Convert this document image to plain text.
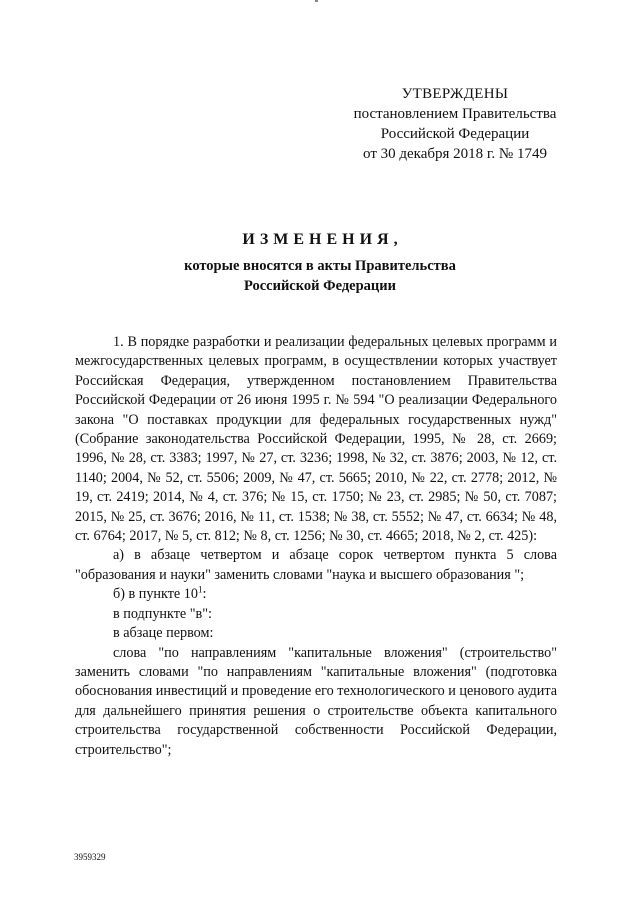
УТВЕРЖДЕНЫ
постановлением Правительства
Российской Федерации
от 30 декабря 2018 г. № 1749
ИЗМЕНЕНИЯ,
которые вносятся в акты Правительства
Российской Федерации

1. В порядке разработки и реализации федеральных целевых программ и межгосударственных целевых программ, в осуществлении которых участвует Российская Федерация, утвержденном постановлением Правительства Российской Федерации от 26 июня 1995 г. № 594 "О реализации Федерального закона "О поставках продукции для федеральных государственных нужд" (Собрание законодательства Российской Федерации, 1995, № 28, ст. 2669; 1996, № 28, ст. 3383; 1997, № 27, ст. 3236; 1998, № 32, ст. 3876; 2003, № 12, ст. 1140; 2004, № 52, ст. 5506; 2009, № 47, ст. 5665; 2010, № 22, ст. 2778; 2012, № 19, ст. 2419; 2014, № 4, ст. 376; № 15, ст. 1750; № 23, ст. 2985; № 50, ст. 7087; 2015, № 25, ст. 3676; 2016, № 11, ст. 1538; № 38, ст. 5552; № 47, ст. 6634; № 48, ст. 6764; 2017, № 5, ст. 812; № 8, ст. 1256; № 30, ст. 4665; 2018, № 2, ст. 425):

а) в абзаце четвертом и абзаце сорок четвертом пункта 5 слова "образования и науки" заменить словами "наука и высшего образования ";

б) в пункте $10^1$:

в подпункте "в":

в абзаце первом:

слова "по направлениям "капитальные вложения" (строительство" заменить словами "по направлениям "капитальные вложения" (подготовка обоснования инвестиций и проведение его технологического и ценового аудита для дальнейшего принятия решения о строительстве объекта капитального строительства государственной собственности Российской Федерации, строительство";

3959329
